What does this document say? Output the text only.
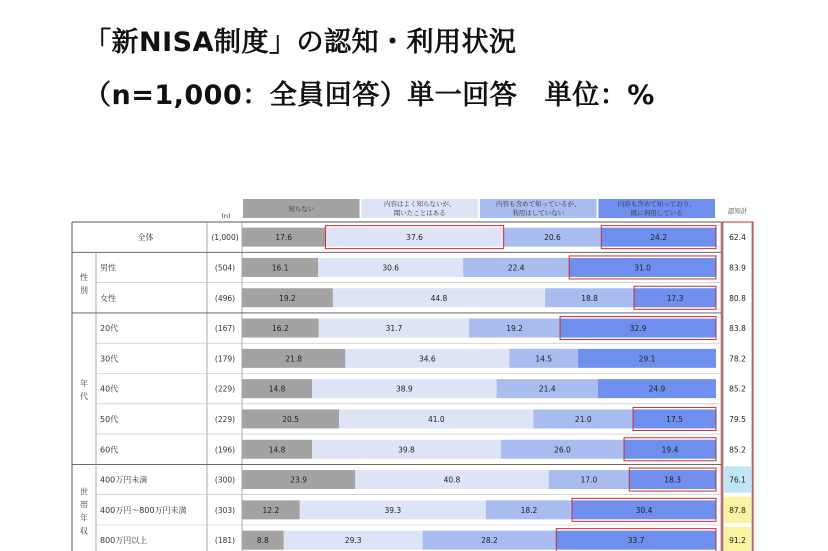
「新NISA制度」の認知・利用状況
（n=1,000：全員回答）単一回答　単位：%
知らない
内容はよく知らないが、
聞いたことはある
内容も含めて知っているが、
利用はしていない
内容も含めて知っており、
既に利用している
(n)
認知計
性
別
年
代
世
帯
年
収
全体	(1,000)	17.6	37.6	20.6	24.2	62.4
男性	(504)	16.1	30.6	22.4	31.0	83.9
女性	(496)	19.2	44.8	18.8	17.3	80.8
20代	(167)	16.2	31.7	19.2	32.9	83.8
30代	(179)	21.8	34.6	14.5	29.1	78.2
40代	(229)	14.8	38.9	21.4	24.9	85.2
50代	(229)	20.5	41.0	21.0	17.5	79.5
60代	(196)	14.8	39.8	26.0	19.4	85.2
400万円未満	(300)	23.9	40.8	17.0	18.3	76.1
400万円～800万円未満	(303)	12.2	39.3	18.2	30.4	87.8
800万円以上	(181)	8.8	29.3	28.2	33.7	91.2
